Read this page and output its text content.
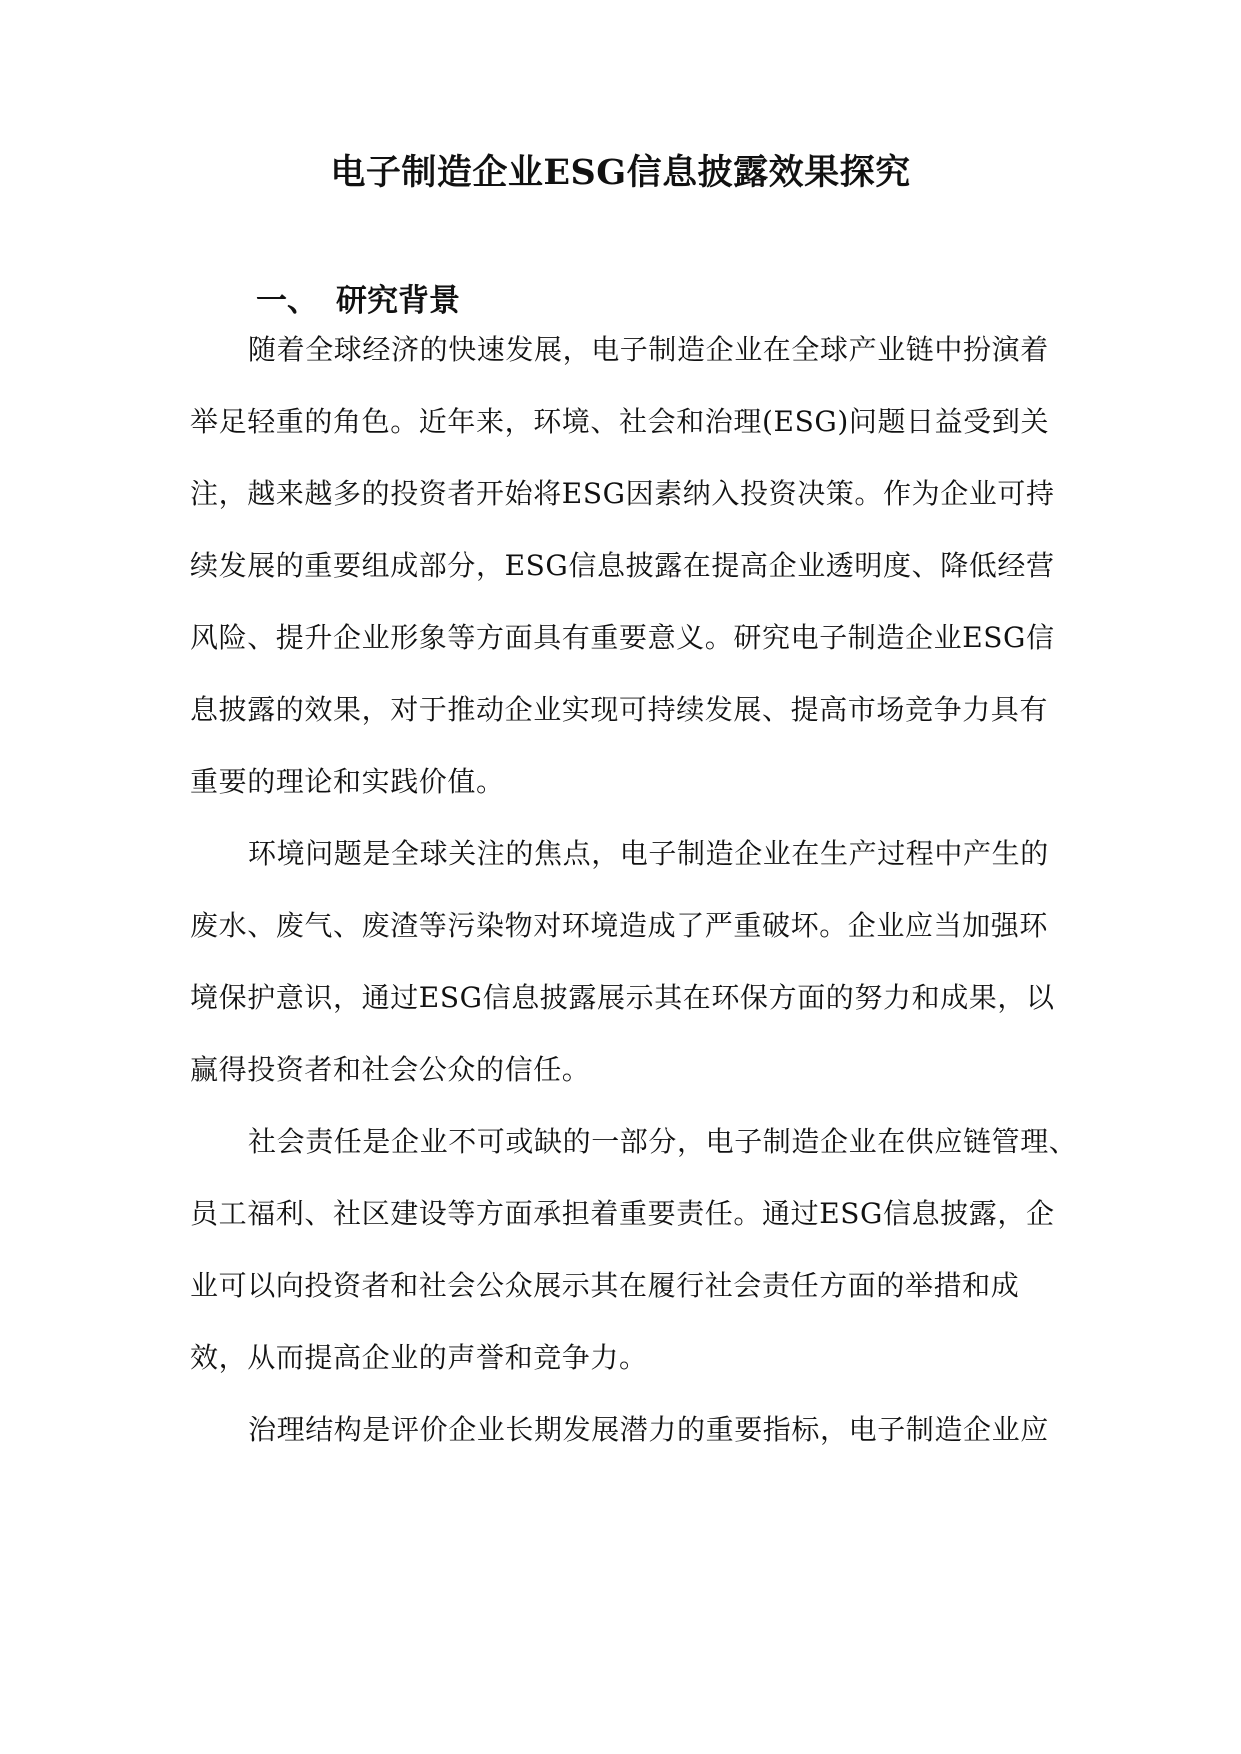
电子制造企业ESG信息披露效果探究
一、 研究背景
随着全球经济的快速发展，电子制造企业在全球产业链中扮演着
举足轻重的角色。近年来，环境、社会和治理(ESG)问题日益受到关
注，越来越多的投资者开始将ESG因素纳入投资决策。作为企业可持
续发展的重要组成部分，ESG信息披露在提高企业透明度、降低经营
风险、提升企业形象等方面具有重要意义。研究电子制造企业ESG信
息披露的效果，对于推动企业实现可持续发展、提高市场竞争力具有
重要的理论和实践价值。
环境问题是全球关注的焦点，电子制造企业在生产过程中产生的
废水、废气、废渣等污染物对环境造成了严重破坏。企业应当加强环
境保护意识，通过ESG信息披露展示其在环保方面的努力和成果，以
赢得投资者和社会公众的信任。
社会责任是企业不可或缺的一部分，电子制造企业在供应链管理、
员工福利、社区建设等方面承担着重要责任。通过ESG信息披露，企
业可以向投资者和社会公众展示其在履行社会责任方面的举措和成
效，从而提高企业的声誉和竞争力。
治理结构是评价企业长期发展潜力的重要指标，电子制造企业应
